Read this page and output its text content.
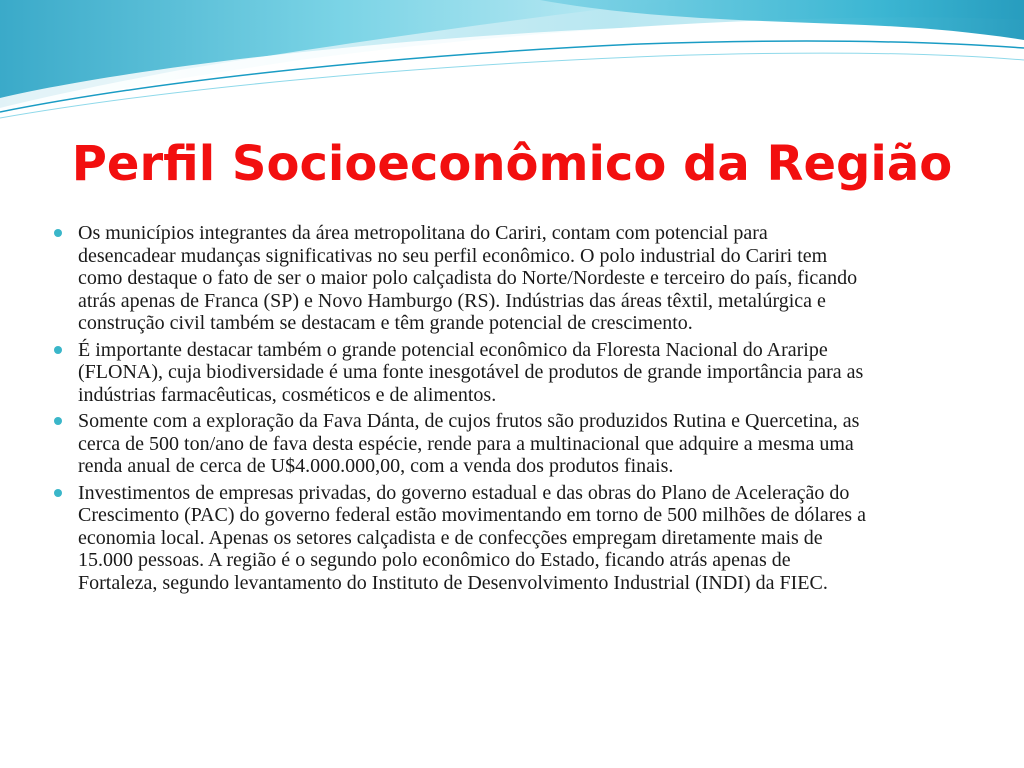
Perfil Socioeconômico da Região
Os municípios integrantes da área metropolitana do Cariri, contam com potencial para desencadear mudanças significativas no seu perfil econômico. O polo industrial do Cariri tem como destaque o fato de ser o maior polo calçadista do Norte/Nordeste e terceiro do país, ficando atrás apenas de Franca (SP) e Novo Hamburgo (RS). Indústrias das áreas têxtil, metalúrgica e construção civil também se destacam e têm grande potencial de crescimento.
É importante destacar também o grande potencial econômico da Floresta Nacional do Araripe (FLONA), cuja biodiversidade é uma fonte inesgotável de produtos de grande importância para as indústrias farmacêuticas, cosméticos e de alimentos.
Somente com a exploração da Fava Dánta, de cujos frutos são produzidos Rutina e Quercetina, as cerca de 500 ton/ano de fava desta espécie, rende para a multinacional que adquire a mesma uma renda anual de cerca de U$4.000.000,00, com a venda dos produtos finais.
Investimentos de empresas privadas, do governo estadual e das obras do Plano de Aceleração do Crescimento (PAC) do governo federal estão movimentando em torno de 500 milhões de dólares a economia local. Apenas os setores calçadista e de confecções empregam diretamente mais de 15.000 pessoas. A região é o segundo polo econômico do Estado, ficando atrás apenas de Fortaleza, segundo levantamento do Instituto de Desenvolvimento Industrial (INDI) da FIEC.
